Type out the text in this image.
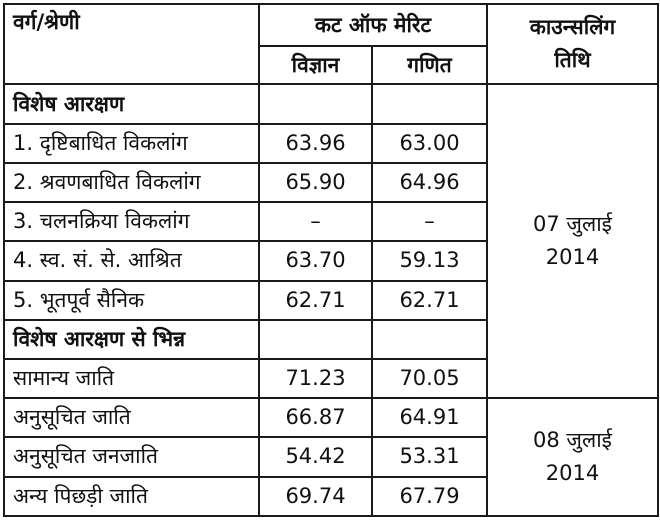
वर्ग/श्रेणी	कट ऑफ मेरिट		काउन्सलिंग
तिथि

	विज्ञान	गणित	
विशेष आरक्षण			07 जुलाई
2014

1. दृष्टिबाधित विकलांग	63.96	63.00	
2. श्रवणबाधित विकलांग	65.90	64.96	
3. चलनक्रिया विकलांग	–	–	
4. स्व. सं. से. आश्रित	63.70	59.13	
5. भूतपूर्व सैनिक	62.71	62.71	
विशेष आरक्षण से भिन्न			
सामान्य जाति	71.23	70.05	
अनुसूचित जाति	66.87	64.91	08 जुलाई
2014

अनुसूचित जनजाति	54.42	53.31	
अन्य पिछड़ी जाति	69.74	67.79	
